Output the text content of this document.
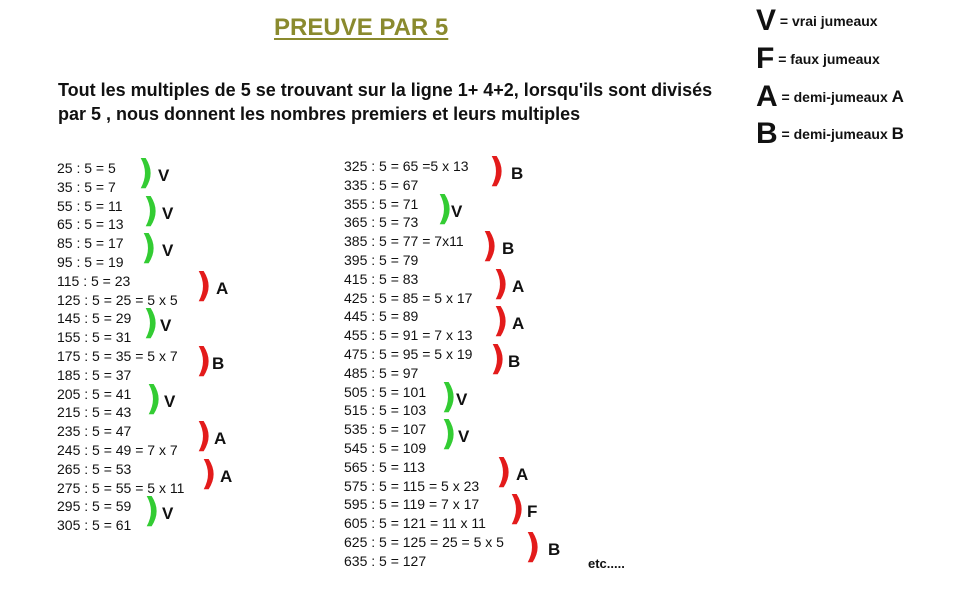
PREUVE PAR 5
Tout les multiples de 5 se trouvant sur la ligne 1+ 4+2, lorsqu'ils sont divisés par 5 , nous donnent les nombres premiers et leurs multiples
V = vrai jumeaux
F = faux jumeaux
A = demi-jumeaux A
B = demi-jumeaux B
25 : 5 = 5
35 : 5 = 7
55 : 5 = 11
65 : 5 = 13
85 : 5 = 17
95 : 5 = 19
115 : 5 = 23
125 : 5 = 25 = 5 x 5
145 : 5 = 29
155 : 5 = 31
175 : 5 = 35 = 5 x 7
185 : 5 = 37
205 : 5 = 41
215 : 5 = 43
235 : 5 = 47
245 : 5 = 49 = 7 x 7
265 : 5 = 53
275 : 5 = 55 = 5 x 11
295 : 5 = 59
305 : 5 = 61
) V
) V
) V
) A
) V
) B
) V
) A
) A
) V
325 : 5 = 65 =5 x 13
335 : 5 = 67
355 : 5 = 71
365 : 5 = 73
385 : 5 = 77 = 7x11
395 : 5 = 79
415 : 5 = 83
425 : 5 = 85 = 5 x 17
445 : 5 = 89
455 : 5 = 91 = 7 x 13
475 : 5 = 95 = 5 x 19
485 : 5 = 97
505 : 5 = 101
515 : 5 = 103
535 : 5 = 107
545 : 5 = 109
565 : 5 = 113
575 : 5 = 115 = 5 x 23
595 : 5 = 119 = 7 x 17
605 : 5 = 121 = 11 x 11
625 : 5 = 125 = 25 = 5 x 5
635 : 5 = 127
) B
)
V
) B
) A
) A
) B
) V
) V
) A
) F
) B
etc.....
